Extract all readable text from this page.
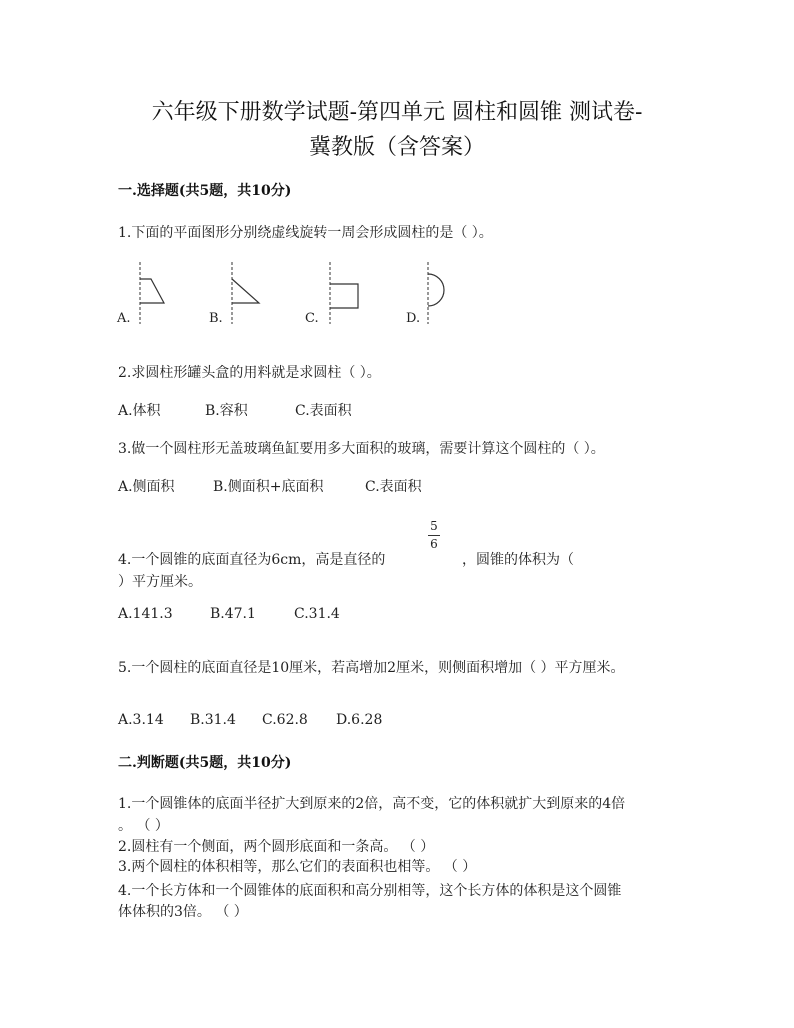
六年级下册数学试题-第四单元 圆柱和圆锥 测试卷-
冀教版（含答案）
一.选择题(共5题，共10分)
1.下面的平面图形分别绕虚线旋转一周会形成圆柱的是（ ）。
A.	B.	C.	D.
2.求圆柱形罐头盒的用料就是求圆柱（ ）。
A.体积	B.容积	C.表面积
3.做一个圆柱形无盖玻璃鱼缸要用多大面积的玻璃，需要计算这个圆柱的（ ）。
A.侧面积	B.侧面积+底面积	C.表面积
4.一个圆锥的底面直径为6cm，高是直径的
5
6
，圆锥的体积为（
）平方厘米。
A.141.3	B.47.1	C.31.4
5.一个圆柱的底面直径是10厘米，若高增加2厘米，则侧面积增加（ ）平方厘米。
A.3.14 B.31.4 C.62.8 D.6.28
二.判断题(共5题，共10分)
1.一个圆锥体的底面半径扩大到原来的2倍，高不变，它的体积就扩大到原来的4倍
。 （ ）
2.圆柱有一个侧面，两个圆形底面和一条高。 （ ）
3.两个圆柱的体积相等，那么它们的表面积也相等。 （ ）
4.一个长方体和一个圆锥体的底面积和高分别相等，这个长方体的体积是这个圆锥
体体积的3倍。 （ ）
